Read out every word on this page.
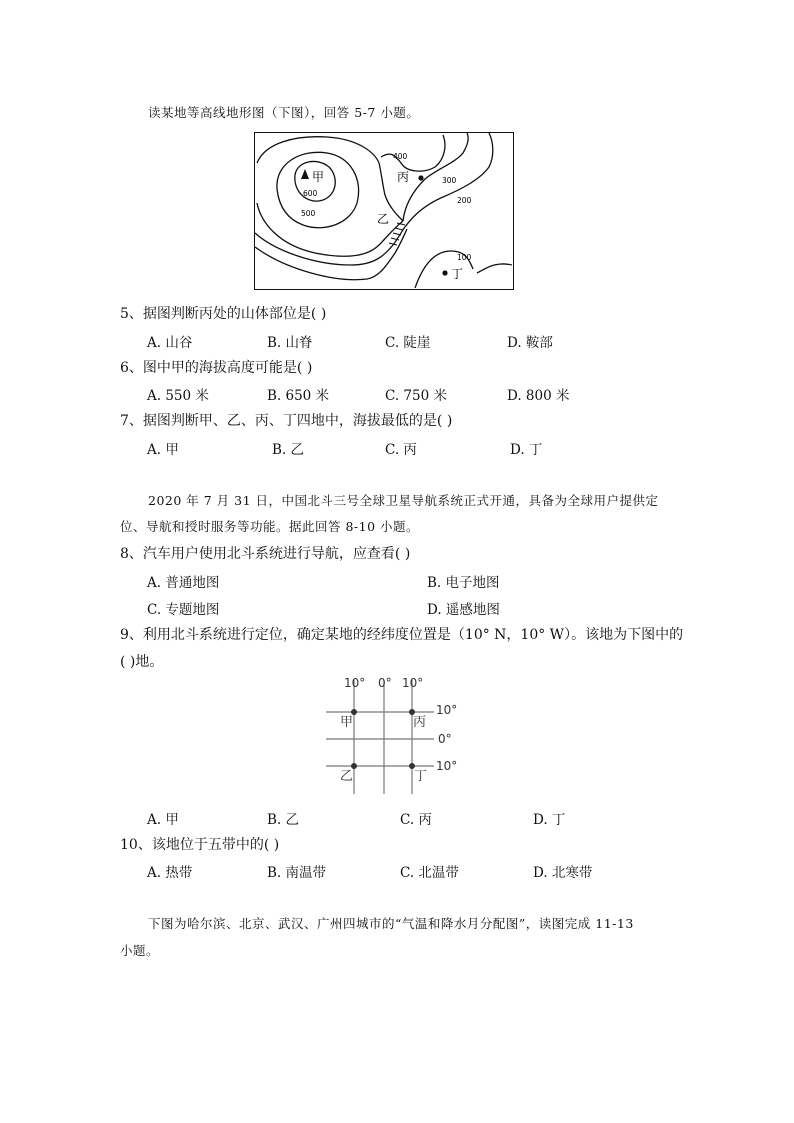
读某地等高线地形图（下图），回答 5-7 小题。
甲
乙
丙
丁
400
300
200
600
500
100
5、据图判断丙处的山体部位是( )
A. 山谷	B. 山脊	C. 陡崖	D. 鞍部
6、图中甲的海拔高度可能是( )
A. 550 米	B. 650 米	C. 750 米	D. 800 米
7、据图判断甲、乙、丙、丁四地中，海拔最低的是( )
A. 甲	B. 乙	C. 丙	D. 丁
2020 年 7 月 31 日，中国北斗三号全球卫星导航系统正式开通，具备为全球用户提供定
位、导航和授时服务等功能。据此回答 8-10 小题。
8、汽车用户使用北斗系统进行导航，应查看( )
A. 普通地图	B. 电子地图
C. 专题地图	D. 遥感地图
9、利用北斗系统进行定位，确定某地的经纬度位置是（10° N，10° W）。该地为下图中的
( )地。
10° 0° 10°
10°
0°
10°
甲	丙
乙	丁
A. 甲	B. 乙	C. 丙	D. 丁
10、该地位于五带中的( )
A. 热带	B. 南温带	C. 北温带	D. 北寒带
下图为哈尔滨、北京、武汉、广州四城市的“气温和降水月分配图”，读图完成 11-13
小题。
